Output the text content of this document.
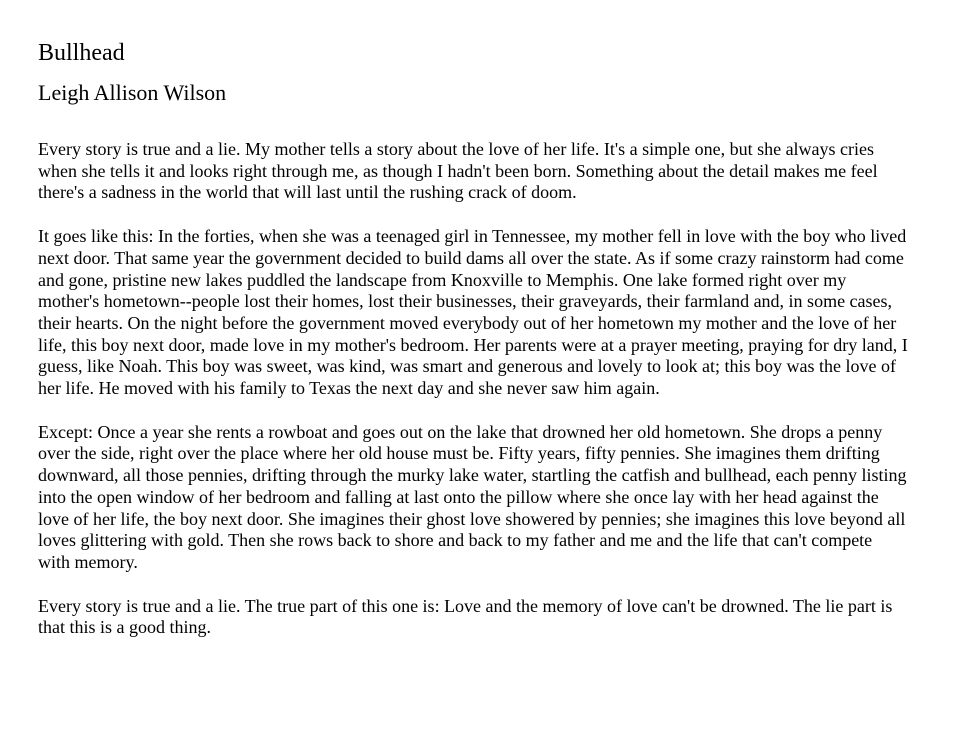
Bullhead
Leigh Allison Wilson

Every story is true and a lie. My mother tells a story about the love of her life. It's a simple one, but she always cries when she tells it and looks right through me, as though I hadn't been born. Something about the detail makes me feel there's a sadness in the world that will last until the rushing crack of doom.

It goes like this: In the forties, when she was a teenaged girl in Tennessee, my mother fell in love with the boy who lived next door. That same year the government decided to build dams all over the state. As if some crazy rainstorm had come and gone, pristine new lakes puddled the landscape from Knoxville to Memphis. One lake formed right over my mother's hometown--people lost their homes, lost their businesses, their graveyards, their farmland and, in some cases, their hearts. On the night before the government moved everybody out of her hometown my mother and the love of her life, this boy next door, made love in my mother's bedroom. Her parents were at a prayer meeting, praying for dry land, I guess, like Noah. This boy was sweet, was kind, was smart and generous and lovely to look at; this boy was the love of her life. He moved with his family to Texas the next day and she never saw him again.

Except: Once a year she rents a rowboat and goes out on the lake that drowned her old hometown. She drops a penny over the side, right over the place where her old house must be. Fifty years, fifty pennies. She imagines them drifting downward, all those pennies, drifting through the murky lake water, startling the catfish and bullhead, each penny listing into the open window of her bedroom and falling at last onto the pillow where she once lay with her head against the love of her life, the boy next door. She imagines their ghost love showered by pennies; she imagines this love beyond all loves glittering with gold. Then she rows back to shore and back to my father and me and the life that can't compete with memory.

Every story is true and a lie. The true part of this one is: Love and the memory of love can't be drowned. The lie part is that this is a good thing.
